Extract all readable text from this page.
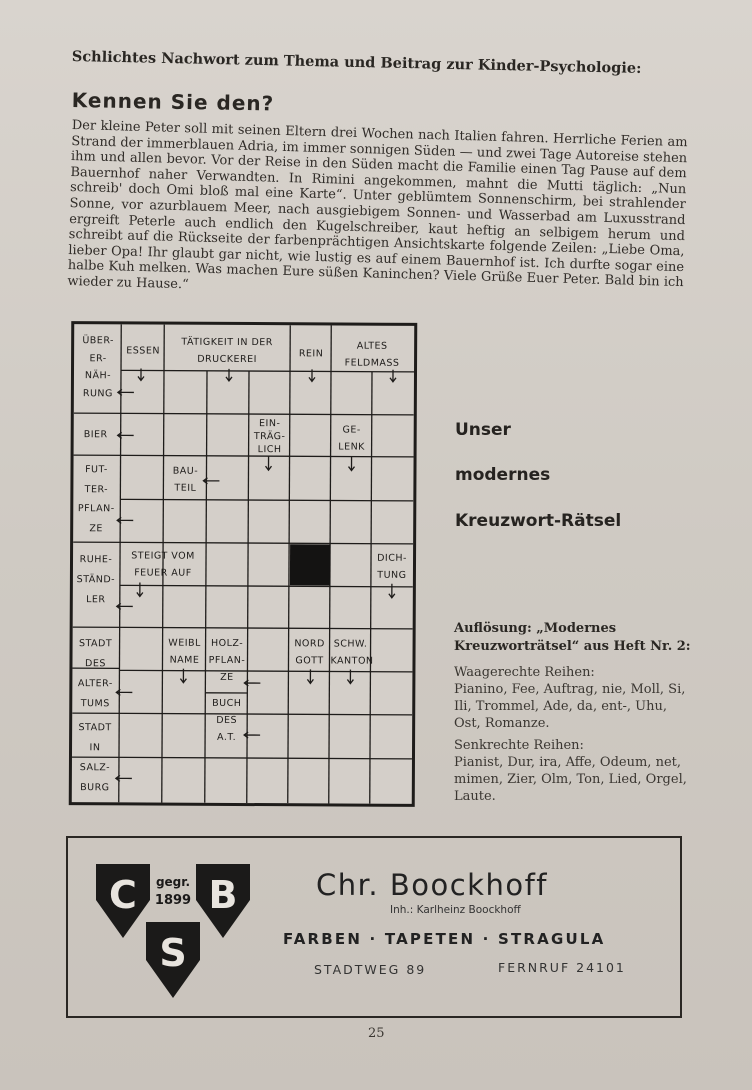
Schlichtes Nachwort zum Thema und Beitrag zur Kinder-Psychologie:
Kennen Sie den?

Der kleine Peter soll mit seinen Eltern drei Wochen nach Italien fahren. Herrliche Ferien am Strand der immerblauen Adria, im immer sonnigen Süden — und zwei Tage Autoreise stehen ihm und allen bevor. Vor der Reise in den Süden macht die Familie einen Tag Pause auf dem Bauernhof naher Verwandten. In Rimini angekommen, mahnt die Mutti täglich: „Nun schreib' doch Omi bloß mal eine Karte“. Unter geblümtem Sonnenschirm, bei strahlender Sonne, vor azurblauem Meer, nach ausgiebigem Sonnen- und Wasserbad am Luxusstrand ergreift Peterle auch endlich den Kugelschreiber, kaut heftig an selbigem herum und schreibt auf die Rückseite der farbenprächtigen Ansichtskarte folgende Zeilen: „Liebe Oma, lieber Opa! Ihr glaubt gar nicht, wie lustig es auf einem Bauernhof ist. Ich durfte sogar eine halbe Kuh melken. Was machen Eure süßen Kaninchen? Viele Grüße Euer Peter. Bald bin ich wieder zu Hause.“

ÜBER-
ER-
NÄH-
RUNG
ESSEN
TÄTIGKEIT IN DER
DRUCKEREI	REIN
ALTES
FELDMASS
BIER
EIN-
TRÄG-
LICH
GE-
LENK
FUT-
TER-
PFLAN-
ZE
BAU-
TEIL
RUHE-
STÄND-
LER
STEIGT VOM
FEUER AUF
DICH-
TUNG
STADT
DES
ALTER-
TUMS
WEIBL
NAME
HOLZ-
PFLAN-
ZE
NORD
GOTT
SCHW.
KANTON
BUCH
DES
A.T.
STADT
IN
SALZ-
BURG
Unser
modernes
Kreuzwort-Rätsel
Auflösung: „Modernes Kreuzworträtsel“ aus Heft Nr. 2:
Waagerechte Reihen:
Pianino, Fee, Auftrag, nie, Moll, Si, Ili, Trommel, Ade, da, ent-, Uhu, Ost, Romanze.
Senkrechte Reihen:
Pianist, Dur, ira, Affe, Odeum, net, mimen, Zier, Olm, Ton, Lied, Orgel, Laute.
C B
S
gegr.
1899	Chr. Boockhoff
Inh.: Karlheinz Boockhoff
FARBEN · TAPETEN · STRAGULA
STADTWEG 89	FERNRUF 24101
25
